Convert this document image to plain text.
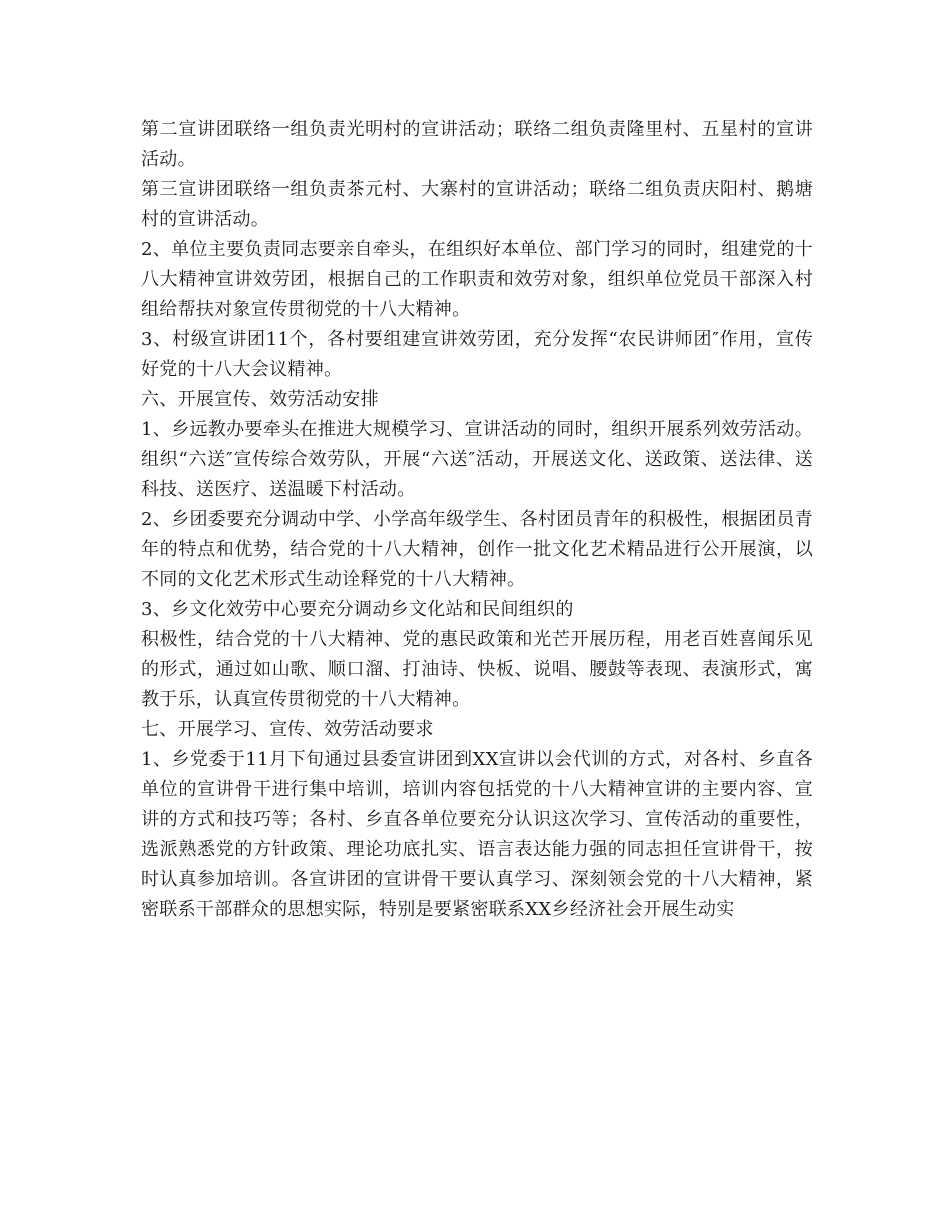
第二宣讲团联络一组负责光明村的宣讲活动；联络二组负责隆里村、五星村的宣讲活动。

第三宣讲团联络一组负责茶元村、大寨村的宣讲活动；联络二组负责庆阳村、鹅塘村的宣讲活动。

2、单位主要负责同志要亲自牵头，在组织好本单位、部门学习的同时，组建党的十八大精神宣讲效劳团，根据自己的工作职责和效劳对象，组织单位党员干部深入村组给帮扶对象宣传贯彻党的十八大精神。

3、村级宣讲团11个，各村要组建宣讲效劳团，充分发挥“农民讲师团″作用，宣传好党的十八大会议精神。

六、开展宣传、效劳活动安排

1、乡远教办要牵头在推进大规模学习、宣讲活动的同时，组织开展系列效劳活动。组织“六送″宣传综合效劳队，开展“六送″活动，开展送文化、送政策、送法律、送科技、送医疗、送温暖下村活动。

2、乡团委要充分调动中学、小学高年级学生、各村团员青年的积极性，根据团员青年的特点和优势，结合党的十八大精神，创作一批文化艺术精品进行公开展演，以不同的文化艺术形式生动诠释党的十八大精神。

3、乡文化效劳中心要充分调动乡文化站和民间组织的

积极性，结合党的十八大精神、党的惠民政策和光芒开展历程，用老百姓喜闻乐见的形式，通过如山歌、顺口溜、打油诗、快板、说唱、腰鼓等表现、表演形式，寓教于乐，认真宣传贯彻党的十八大精神。

七、开展学习、宣传、效劳活动要求

1、乡党委于11月下旬通过县委宣讲团到XX宣讲以会代训的方式，对各村、乡直各单位的宣讲骨干进行集中培训，培训内容包括党的十八大精神宣讲的主要内容、宣讲的方式和技巧等；各村、乡直各单位要充分认识这次学习、宣传活动的重要性，选派熟悉党的方针政策、理论功底扎实、语言表达能力强的同志担任宣讲骨干，按时认真参加培训。各宣讲团的宣讲骨干要认真学习、深刻领会党的十八大精神，紧密联系干部群众的思想实际，特别是要紧密联系XX乡经济社会开展生动实
